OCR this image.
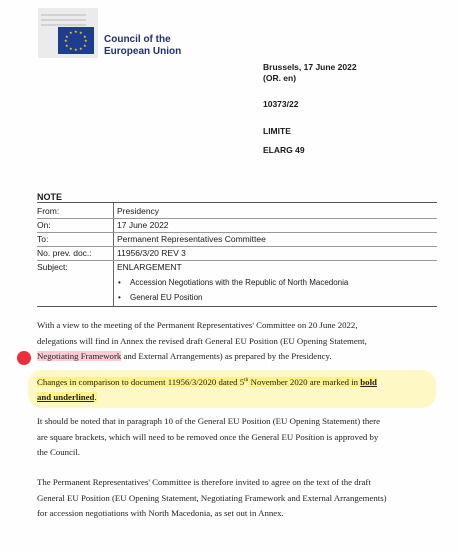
★ ★
★
★
★
★
★
★
★
★
★
★
Council of the
European Union
Brussels, 17 June 2022
(OR. en)
10373/22
LIMITE
ELARG 49
NOTE
From:	Presidency
On:	17 June 2022
To:	Permanent Representatives Committee
No. prev. doc.:	11956/3/20 REV 3
Subject:	ENLARGEMENT
• Accession Negotiations with the Republic of North Macedonia
• General EU Position
With a view to the meeting of the Permanent Representatives' Committee on 20 June 2022,
delegations will find in Annex the revised draft General EU Position (EU Opening Statement,
Negotiating Framework and External Arrangements) as prepared by the Presidency.
Changes in comparison to document 11956/3/2020 dated 5th November 2020 are marked in bold
and underlined.
It should be noted that in paragraph 10 of the General EU Position (EU Opening Statement) there
are square brackets, which will need to be removed once the General EU Position is approved by
the Council.
The Permanent Representatives' Committee is therefore invited to agree on the text of the draft
General EU Position (EU Opening Statement, Negotiating Framework and External Arrangements)
for accession negotiations with North Macedonia, as set out in Annex.
